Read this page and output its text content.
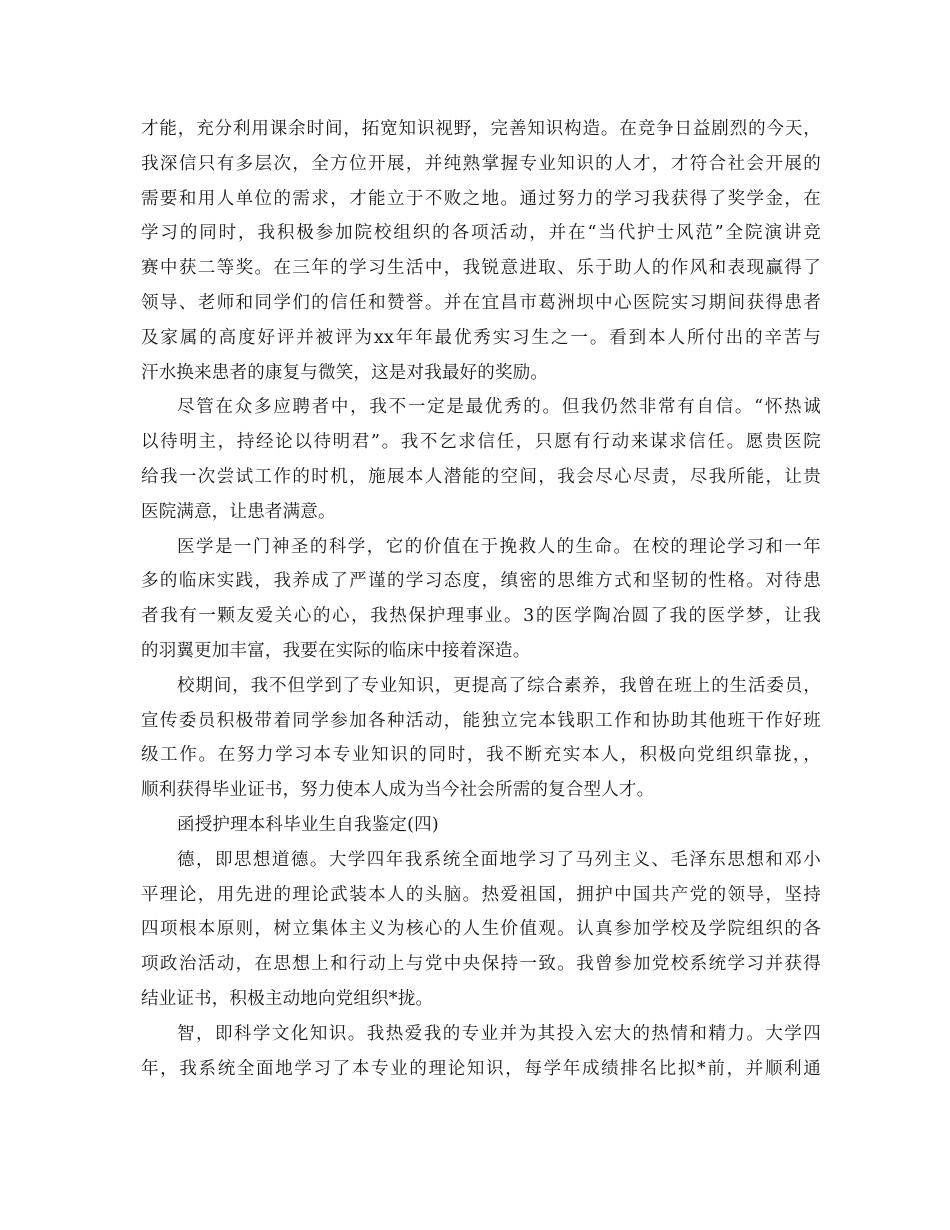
才能，充分利用课余时间，拓宽知识视野，完善知识构造。在竞争日益剧烈的今天，
我深信只有多层次，全方位开展，并纯熟掌握专业知识的人才，才符合社会开展的
需要和用人单位的需求，才能立于不败之地。通过努力的学习我获得了奖学金，在
学习的同时，我积极参加院校组织的各项活动，并在“当代护士风范”全院演讲竞
赛中获二等奖。在三年的学习生活中，我锐意进取、乐于助人的作风和表现赢得了
领导、老师和同学们的信任和赞誉。并在宜昌市葛洲坝中心医院实习期间获得患者
及家属的高度好评并被评为xx年年最优秀实习生之一。看到本人所付出的辛苦与
汗水换来患者的康复与微笑，这是对我最好的奖励。
尽管在众多应聘者中，我不一定是最优秀的。但我仍然非常有自信。“怀热诚
以待明主，持经论以待明君”。我不乞求信任，只愿有行动来谋求信任。愿贵医院
给我一次尝试工作的时机，施展本人潜能的空间，我会尽心尽责，尽我所能，让贵
医院满意，让患者满意。
医学是一门神圣的科学，它的价值在于挽救人的生命。在校的理论学习和一年
多的临床实践，我养成了严谨的学习态度，缜密的思维方式和坚韧的性格。对待患
者我有一颗友爱关心的心，我热保护理事业。3的医学陶冶圆了我的医学梦，让我
的羽翼更加丰富，我要在实际的临床中接着深造。
校期间，我不但学到了专业知识，更提高了综合素养，我曾在班上的生活委员，
宣传委员积极带着同学参加各种活动，能独立完本钱职工作和协助其他班干作好班
级工作。在努力学习本专业知识的同时，我不断充实本人，积极向党组织靠拢，，
顺利获得毕业证书，努力使本人成为当今社会所需的复合型人才。
函授护理本科毕业生自我鉴定(四)
德，即思想道德。大学四年我系统全面地学习了马列主义、毛泽东思想和邓小
平理论，用先进的理论武装本人的头脑。热爱祖国，拥护中国共产党的领导，坚持
四项根本原则，树立集体主义为核心的人生价值观。认真参加学校及学院组织的各
项政治活动，在思想上和行动上与党中央保持一致。我曾参加党校系统学习并获得
结业证书，积极主动地向党组织*拢。
智，即科学文化知识。我热爱我的专业并为其投入宏大的热情和精力。大学四
年，我系统全面地学习了本专业的理论知识，每学年成绩排名比拟*前，并顺利通
